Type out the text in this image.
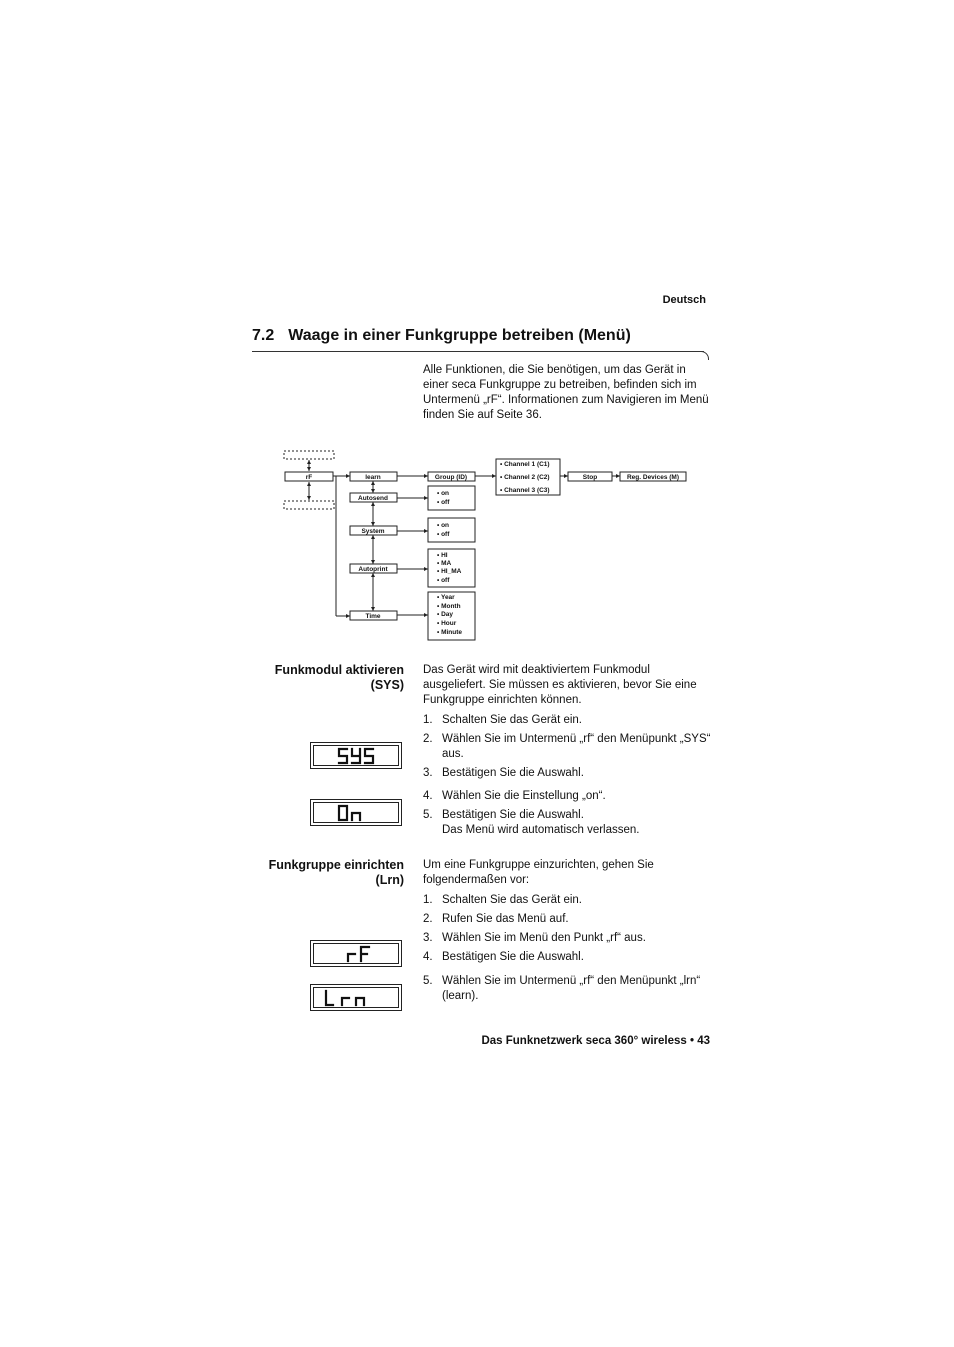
Deutsch
7.2 Waage in einer Funkgruppe betreiben (Menü)
Alle Funktionen, die Sie benötigen, um das Gerät in einer seca Funkgruppe zu betreiben, befinden sich im Untermenü „rF“. Informationen zum Navigieren im Menü finden Sie auf Seite 36.
rF	learn
Autosend
System
Autoprint
Time
Group (ID)
• Channel 1 (C1)
• Channel 2 (C2)
• Channel 3 (C3)
Stop	Reg. Devices (M)
• on
• off
• on
• off
• HI
• MA
• HI_MA
• off
• Year
• Month
• Day
• Hour
• Minute
Funkmodul aktivieren
(SYS)
Das Gerät wird mit deaktiviertem Funkmodul ausgeliefert. Sie müssen es aktivieren, bevor Sie eine Funkgruppe einrichten können.
1. Schalten Sie das Gerät ein.
2. Wählen Sie im Untermenü „rf“ den Menüpunkt „SYS“ aus.
3. Bestätigen Sie die Auswahl.
4. Wählen Sie die Einstellung „on“.
5. Bestätigen Sie die Auswahl.
Das Menü wird automatisch verlassen.
Funkgruppe einrichten
(Lrn)
Um eine Funkgruppe einzurichten, gehen Sie folgendermaßen vor:
1. Schalten Sie das Gerät ein.
2. Rufen Sie das Menü auf.
3. Wählen Sie im Menü den Punkt „rf“ aus.
4. Bestätigen Sie die Auswahl.
5. Wählen Sie im Untermenü „rf“ den Menüpunkt „lrn“ (learn).
Das Funknetzwerk seca 360° wireless • 43
